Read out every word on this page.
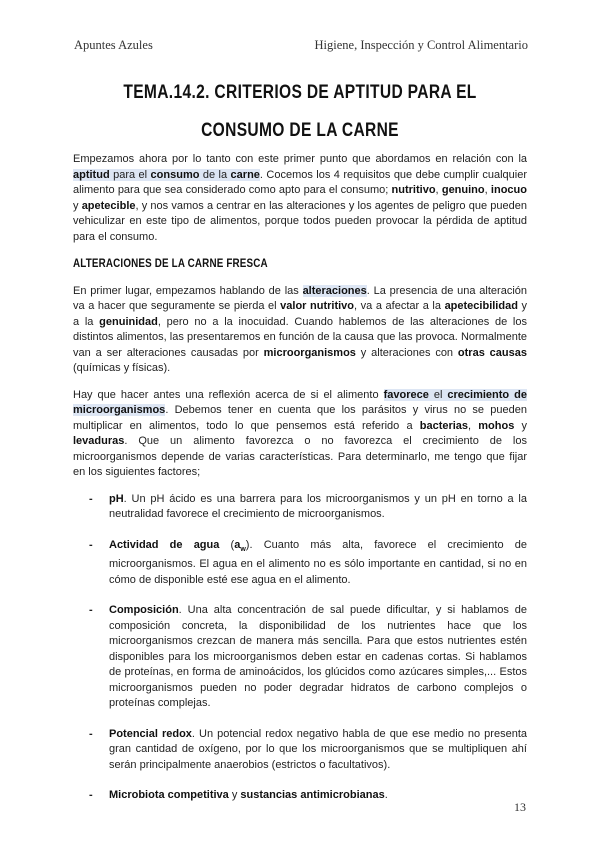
Apuntes Azules	Higiene, Inspección y Control Alimentario
TEMA.14.2. CRITERIOS DE APTITUD PARA EL CONSUMO DE LA CARNE

Empezamos ahora por lo tanto con este primer punto que abordamos en relación con la aptitud para el consumo de la carne. Cocemos los 4 requisitos que debe cumplir cualquier alimento para que sea considerado como apto para el consumo; nutritivo, genuino, inocuo y apetecible, y nos vamos a centrar en las alteraciones y los agentes de peligro que pueden vehiculizar en este tipo de alimentos, porque todos pueden provocar la pérdida de aptitud para el consumo.

ALTERACIONES DE LA CARNE FRESCA

En primer lugar, empezamos hablando de las alteraciones. La presencia de una alteración va a hacer que seguramente se pierda el valor nutritivo, va a afectar a la apetecibilidad y a la genuinidad, pero no a la inocuidad. Cuando hablemos de las alteraciones de los distintos alimentos, las presentaremos en función de la causa que las provoca. Normalmente van a ser alteraciones causadas por microorganismos y alteraciones con otras causas (químicas y físicas).

Hay que hacer antes una reflexión acerca de si el alimento favorece el crecimiento de microorganismos. Debemos tener en cuenta que los parásitos y virus no se pueden multiplicar en alimentos, todo lo que pensemos está referido a bacterias, mohos y levaduras. Que un alimento favorezca o no favorezca el crecimiento de los microorganismos depende de varias características. Para determinarlo, me tengo que fijar en los siguientes factores;

- pH. Un pH ácido es una barrera para los microorganismos y un pH en torno a la neutralidad favorece el crecimiento de microorganismos.
- Actividad de agua $(a_w)$. Cuanto más alta, favorece el crecimiento de microorganismos. El agua en el alimento no es sólo importante en cantidad, si no en cómo de disponible esté ese agua en el alimento.
- Composición. Una alta concentración de sal puede dificultar, y si hablamos de composición concreta, la disponibilidad de los nutrientes hace que los microorganismos crezcan de manera más sencilla. Para que estos nutrientes estén disponibles para los microorganismos deben estar en cadenas cortas. Si hablamos de proteínas, en forma de aminoácidos, los glúcidos como azúcares simples,... Estos microorganismos pueden no poder degradar hidratos de carbono complejos o proteínas complejas.
- Potencial redox. Un potencial redox negativo habla de que ese medio no presenta gran cantidad de oxígeno, por lo que los microorganismos que se multipliquen ahí serán principalmente anaerobios (estrictos o facultativos).
- Microbiota competitiva y sustancias antimicrobianas.
13
